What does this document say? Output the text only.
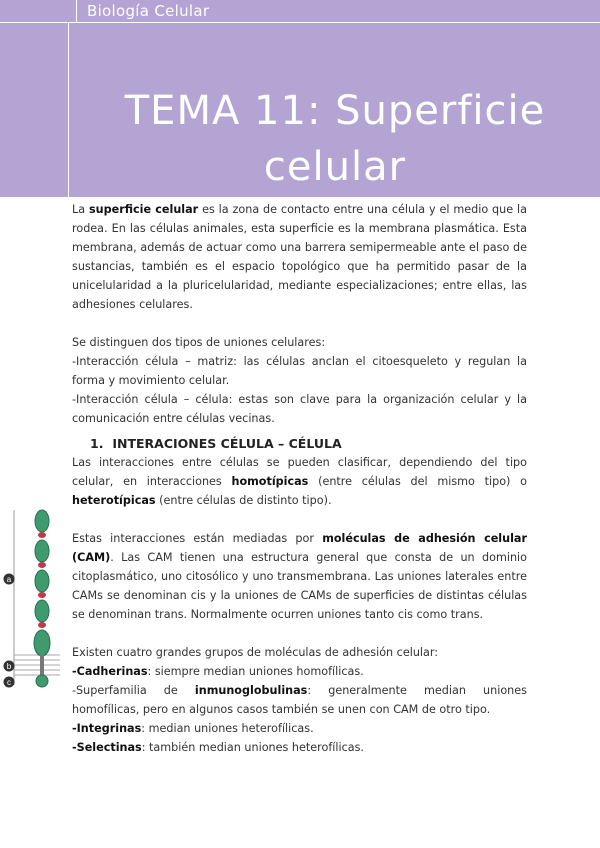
Biología Celular
TEMA 11: Superficie
celular

La superficie celular es la zona de contacto entre una célula y el medio que la rodea. En las células animales, esta superficie es la membrana plasmática. Esta membrana, además de actuar como una barrera semipermeable ante el paso de sustancias, también es el espacio topológico que ha permitido pasar de la unicelularidad a la pluricelularidad, mediante especializaciones; entre ellas, las adhesiones celulares.

Se distinguen dos tipos de uniones celulares:

-Interacción célula – matriz: las células anclan el citoesqueleto y regulan la forma y movimiento celular.

-Interacción célula – célula: estas son clave para la organización celular y la comunicación entre células vecinas.

1. INTERACIONES CÉLULA – CÉLULA

Las interacciones entre células se pueden clasificar, dependiendo del tipo celular, en interacciones homotípicas (entre células del mismo tipo) o heterotípicas (entre células de distinto tipo).

Estas interacciones están mediadas por moléculas de adhesión celular (CAM). Las CAM tienen una estructura general que consta de un dominio citoplasmático, uno citosólico y uno transmembrana. Las uniones laterales entre CAMs se denominan cis y la uniones de CAMs de superficies de distintas células se denominan trans. Normalmente ocurren uniones tanto cis como trans.

Existen cuatro grandes grupos de moléculas de adhesión celular:

-Cadherinas: siempre median uniones homofílicas.

-Superfamilia de inmunoglobulinas: generalmente median uniones homofílicas, pero en algunos casos también se unen con CAM de otro tipo.

-Integrinas: median uniones heterofílicas.

-Selectinas: también median uniones heterofílicas.

a
b
c
